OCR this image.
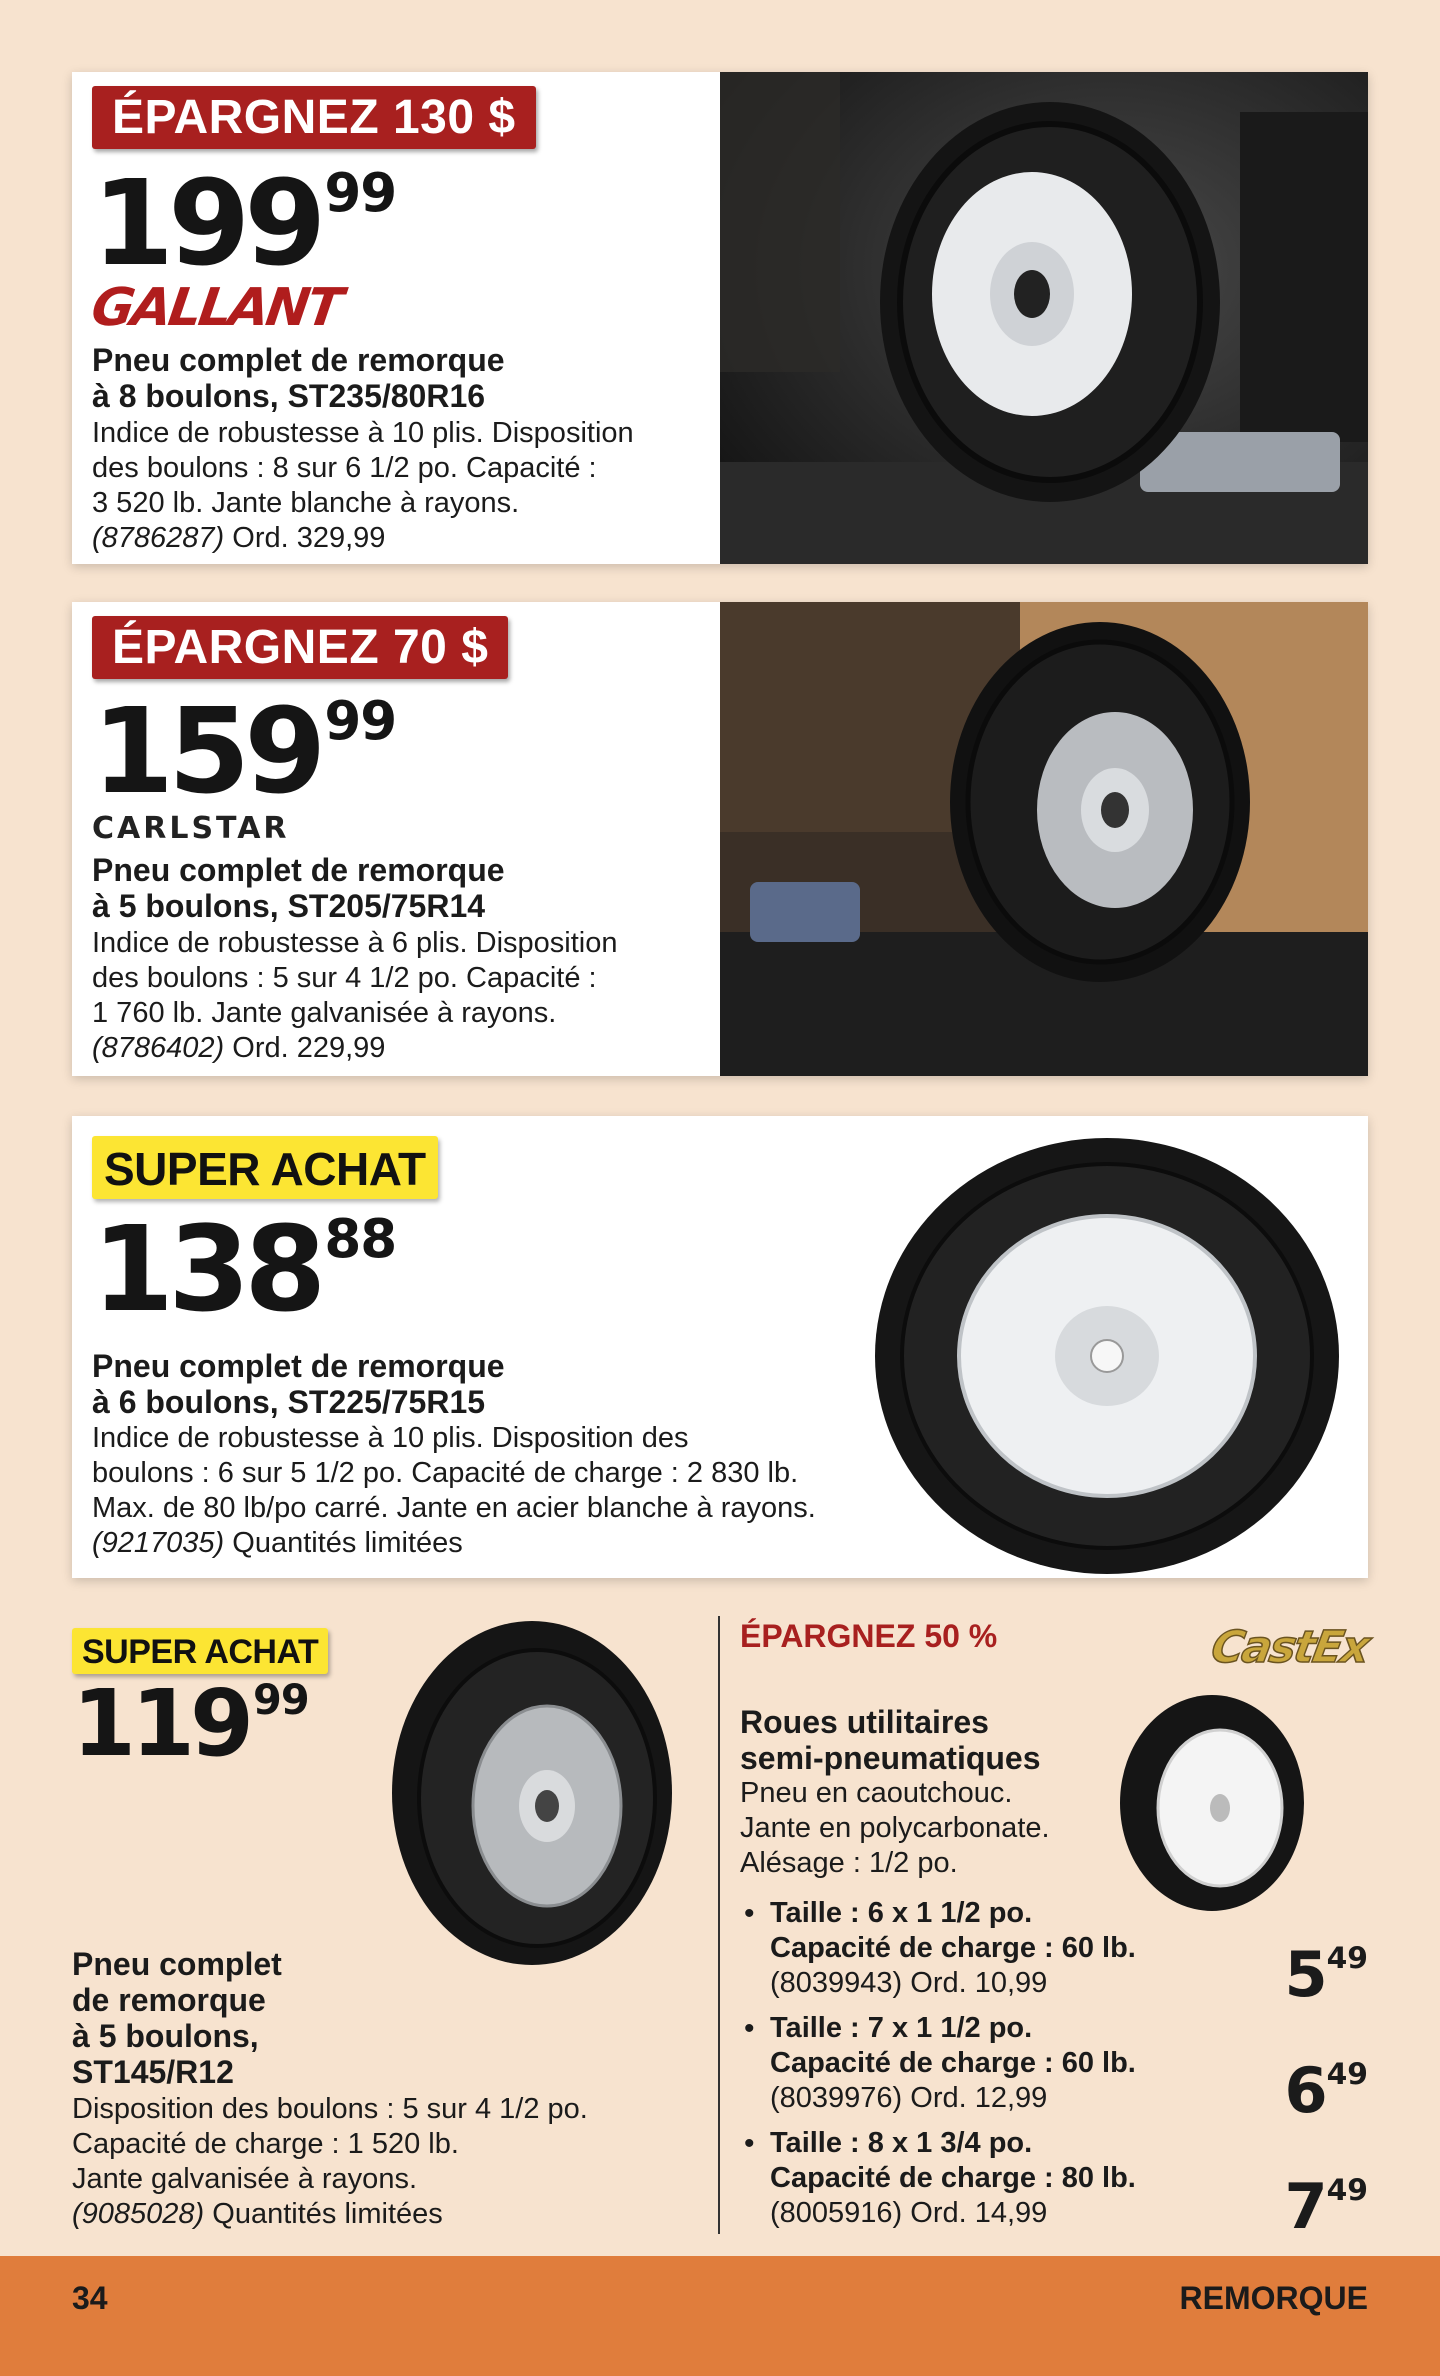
ÉPARGNEZ 130 $
$199^{99}$
GALLANT
Pneu complet de remorque
à 8 boulons, ST235/80R16
Indice de robustesse à 10 plis. Disposition
des boulons : 8 sur 6 1/2 po. Capacité :
3 520 lb. Jante blanche à rayons.
(8786287) Ord. 329,99
ÉPARGNEZ 70 $
$159^{99}$
CARLSTAR
Pneu complet de remorque
à 5 boulons, ST205/75R14
Indice de robustesse à 6 plis. Disposition
des boulons : 5 sur 4 1/2 po. Capacité :
1 760 lb. Jante galvanisée à rayons.
(8786402) Ord. 229,99
SUPER ACHAT
$138^{88}$
Pneu complet de remorque
à 6 boulons, ST225/75R15
Indice de robustesse à 10 plis. Disposition des
boulons : 6 sur 5 1/2 po. Capacité de charge : 2 830 lb.
Max. de 80 lb/po carré. Jante en acier blanche à rayons.
(9217035) Quantités limitées
SUPER ACHAT
$119^{99}$
Pneu complet
de remorque
à 5 boulons,
ST145/R12
Disposition des boulons : 5 sur 4 1/2 po.
Capacité de charge : 1 520 lb.
Jante galvanisée à rayons.
(9085028) Quantités limitées
ÉPARGNEZ 50 %	CastEx
Roues utilitaires
semi-pneumatiques
Pneu en caoutchouc.
Jante en polycarbonate.
Alésage : 1/2 po.
• Taille : 6 x 1 1/2 po.
Capacité de charge : 60 lb.
(8039943) Ord. 10,99
• Taille : 7 x 1 1/2 po.
Capacité de charge : 60 lb.
(8039976) Ord. 12,99
• Taille : 8 x 1 3/4 po.
Capacité de charge : 80 lb.
(8005916) Ord. 14,99
$5^{49}$
$6^{49}$
$7^{49}$
34	REMORQUE
